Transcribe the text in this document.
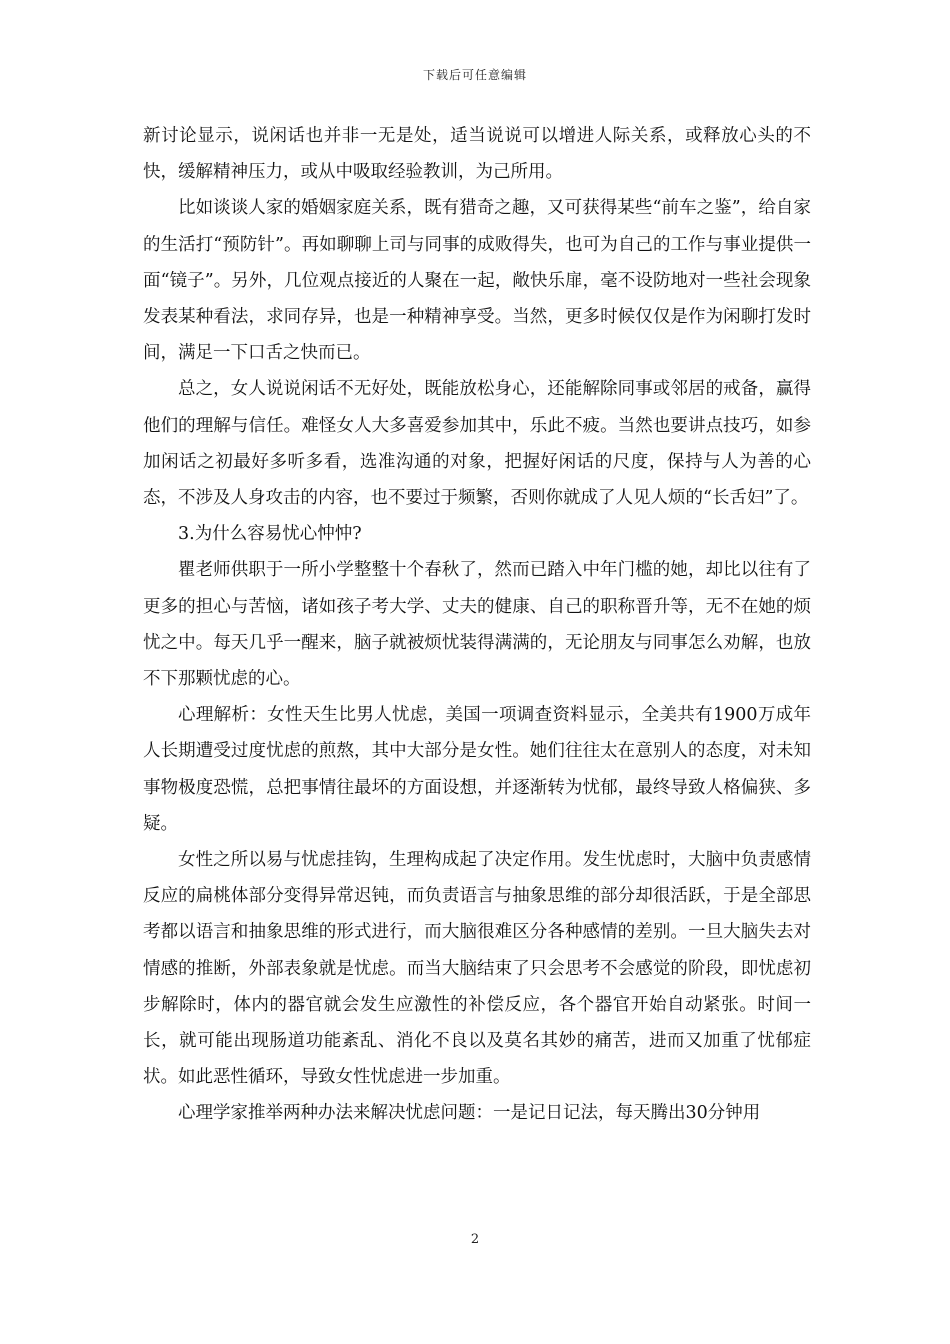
下载后可任意编辑

新讨论显示，说闲话也并非一无是处，适当说说可以增进人际关系，或释放心头的不快，缓解精神压力，或从中吸取经验教训，为己所用。

比如谈谈人家的婚姻家庭关系，既有猎奇之趣，又可获得某些“前车之鉴”，给自家的生活打“预防针”。再如聊聊上司与同事的成败得失，也可为自己的工作与事业提供一面“镜子”。另外，几位观点接近的人聚在一起，敞快乐扉，毫不设防地对一些社会现象发表某种看法，求同存异，也是一种精神享受。当然，更多时候仅仅是作为闲聊打发时间，满足一下口舌之快而已。

总之，女人说说闲话不无好处，既能放松身心，还能解除同事或邻居的戒备，赢得他们的理解与信任。难怪女人大多喜爱参加其中，乐此不疲。当然也要讲点技巧，如参加闲话之初最好多听多看，选准沟通的对象，把握好闲话的尺度，保持与人为善的心态，不涉及人身攻击的内容，也不要过于频繁，否则你就成了人见人烦的“长舌妇”了。

3.为什么容易忧心忡忡?

瞿老师供职于一所小学整整十个春秋了，然而已踏入中年门槛的她，却比以往有了更多的担心与苦恼，诸如孩子考大学、丈夫的健康、自己的职称晋升等，无不在她的烦忧之中。每天几乎一醒来，脑子就被烦忧装得满满的，无论朋友与同事怎么劝解，也放不下那颗忧虑的心。

心理解析：女性天生比男人忧虑，美国一项调查资料显示，全美共有1900万成年人长期遭受过度忧虑的煎熬，其中大部分是女性。她们往往太在意别人的态度，对未知事物极度恐慌，总把事情往最坏的方面设想，并逐渐转为忧郁，最终导致人格偏狭、多疑。

女性之所以易与忧虑挂钩，生理构成起了决定作用。发生忧虑时，大脑中负责感情反应的扁桃体部分变得异常迟钝，而负责语言与抽象思维的部分却很活跃，于是全部思考都以语言和抽象思维的形式进行，而大脑很难区分各种感情的差别。一旦大脑失去对情感的推断，外部表象就是忧虑。而当大脑结束了只会思考不会感觉的阶段，即忧虑初步解除时，体内的器官就会发生应激性的补偿反应，各个器官开始自动紧张。时间一长，就可能出现肠道功能紊乱、消化不良以及莫名其妙的痛苦，进而又加重了忧郁症状。如此恶性循环，导致女性忧虑进一步加重。

心理学家推举两种办法来解决忧虑问题：一是记日记法，每天腾出30分钟用

2
